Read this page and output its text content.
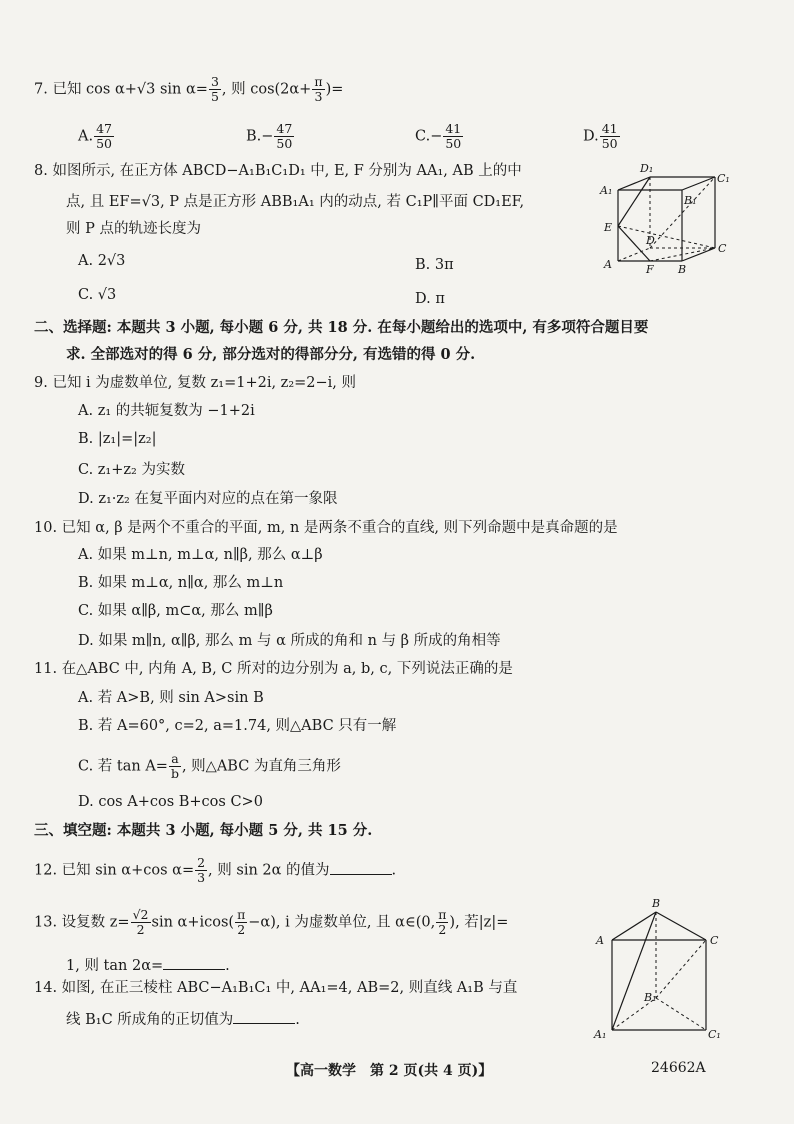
7. 已知 cos α+√3 $\sin \alpha= \frac{3}{5}$ , 则 $\cos(2\alpha+ \frac{\pi}{3}$ )=
A. $\frac{47}{50}$	$B.- \frac{47}{50}$	$C.- \frac{41}{50}$	D. $\frac{41}{50}$
8. 如图所示, 在正方体 ABCD−A₁B₁C₁D₁ 中, E, F 分别为 AA₁, AB 上的中
点, 且 EF=√3, P 点是正方形 ABB₁A₁ 内的动点, 若 C₁P∥平面 CD₁EF,
则 P 点的轨迹长度为
A. 2√3	B. 3π
C. √3	D. π
D₁
C₁
A₁
B₁
E
D
C
A	F B
二、选择题: 本题共 3 小题, 每小题 6 分, 共 18 分. 在每小题给出的选项中, 有多项符合题目要
求. 全部选对的得 6 分, 部分选对的得部分分, 有选错的得 0 分.
9. 已知 i 为虚数单位, 复数 z₁=1+2i, z₂=2−i, 则
A. z₁ 的共轭复数为 −1+2i
B. |z₁|=|z₂|
C. z₁+z₂ 为实数
D. z₁·z₂ 在复平面内对应的点在第一象限
10. 已知 α, β 是两个不重合的平面, m, n 是两条不重合的直线, 则下列命题中是真命题的是
A. 如果 m⊥n, m⊥α, n∥β, 那么 α⊥β
B. 如果 m⊥α, n∥α, 那么 m⊥n
C. 如果 α∥β, m⊂α, 那么 m∥β
D. 如果 m∥n, α∥β, 那么 m 与 α 所成的角和 n 与 β 所成的角相等
11. 在△ABC 中, 内角 A, B, C 所对的边分别为 a, b, c, 下列说法正确的是
A. 若 A>B, 则 sin A>sin B
B. 若 A=60°, c=2, a=1.74, 则△ABC 只有一解
C. 若 $\tan A= \frac{a}{b}$ , 则△ABC 为直角三角形
D. cos A+cos B+cos C>0
三、填空题: 本题共 3 小题, 每小题 5 分, 共 15 分.
12. 已知 sin α+cos $\alpha= \frac{2}{3}$ , 则 sin 2α 的值为	.
13. 设复数 $z= \frac{√2}{2}$ $\sin \alpha+icos( \frac{\pi}{2} -\alpha)$, i 为虚数单位, 且 α∈(0, $\frac{\pi}{2}$ ), 若|z|=
1, 则 tan 2α=	.
14. 如图, 在正三棱柱 ABC−A₁B₁C₁ 中, AA₁=4, AB=2, 则直线 A₁B 与直
线 B₁C 所成角的正切值为	.
B
A	C
B₁
A₁	C₁
【高一数学　第 2 页(共 4 页)】	24662A
